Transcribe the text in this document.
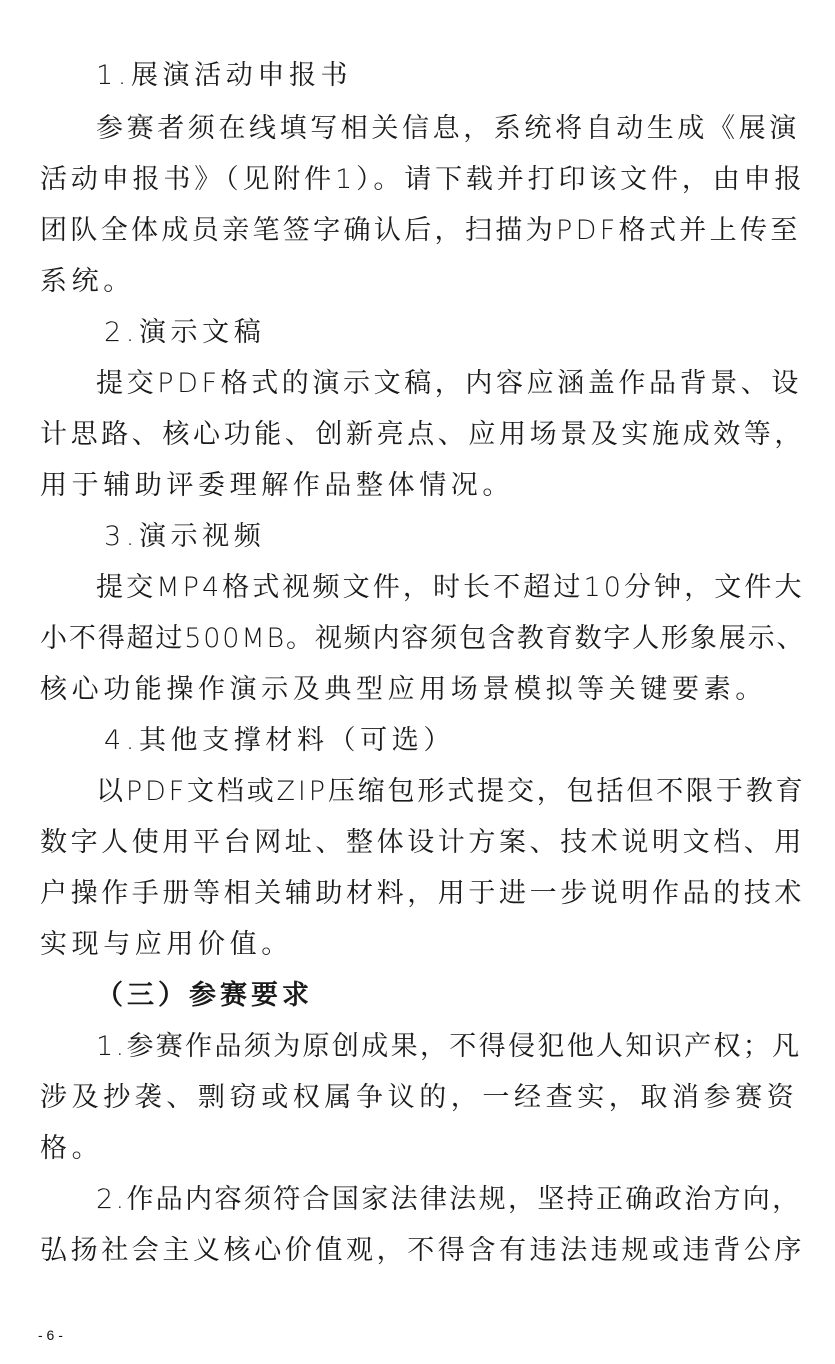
1.展演活动申报书
参赛者须在线填写相关信息，系统将自动生成《展演
活动申报书》（见附件1）。请下载并打印该文件，由申报
团队全体成员亲笔签字确认后，扫描为PDF格式并上传至
系统。
2.演示文稿
提交PDF格式的演示文稿，内容应涵盖作品背景、设
计思路、核心功能、创新亮点、应用场景及实施成效等，
用于辅助评委理解作品整体情况。
3.演示视频
提交MP4格式视频文件，时长不超过10分钟，文件大
小不得超过500MB。视频内容须包含教育数字人形象展示、
核心功能操作演示及典型应用场景模拟等关键要素。
4.其他支撑材料（可选）
以PDF文档或ZIP压缩包形式提交，包括但不限于教育
数字人使用平台网址、整体设计方案、技术说明文档、用
户操作手册等相关辅助材料，用于进一步说明作品的技术
实现与应用价值。
（三）参赛要求
1.参赛作品须为原创成果，不得侵犯他人知识产权；凡
涉及抄袭、剽窃或权属争议的，一经查实，取消参赛资
格。
2.作品内容须符合国家法律法规，坚持正确政治方向，
弘扬社会主义核心价值观，不得含有违法违规或违背公序
- 6 -
